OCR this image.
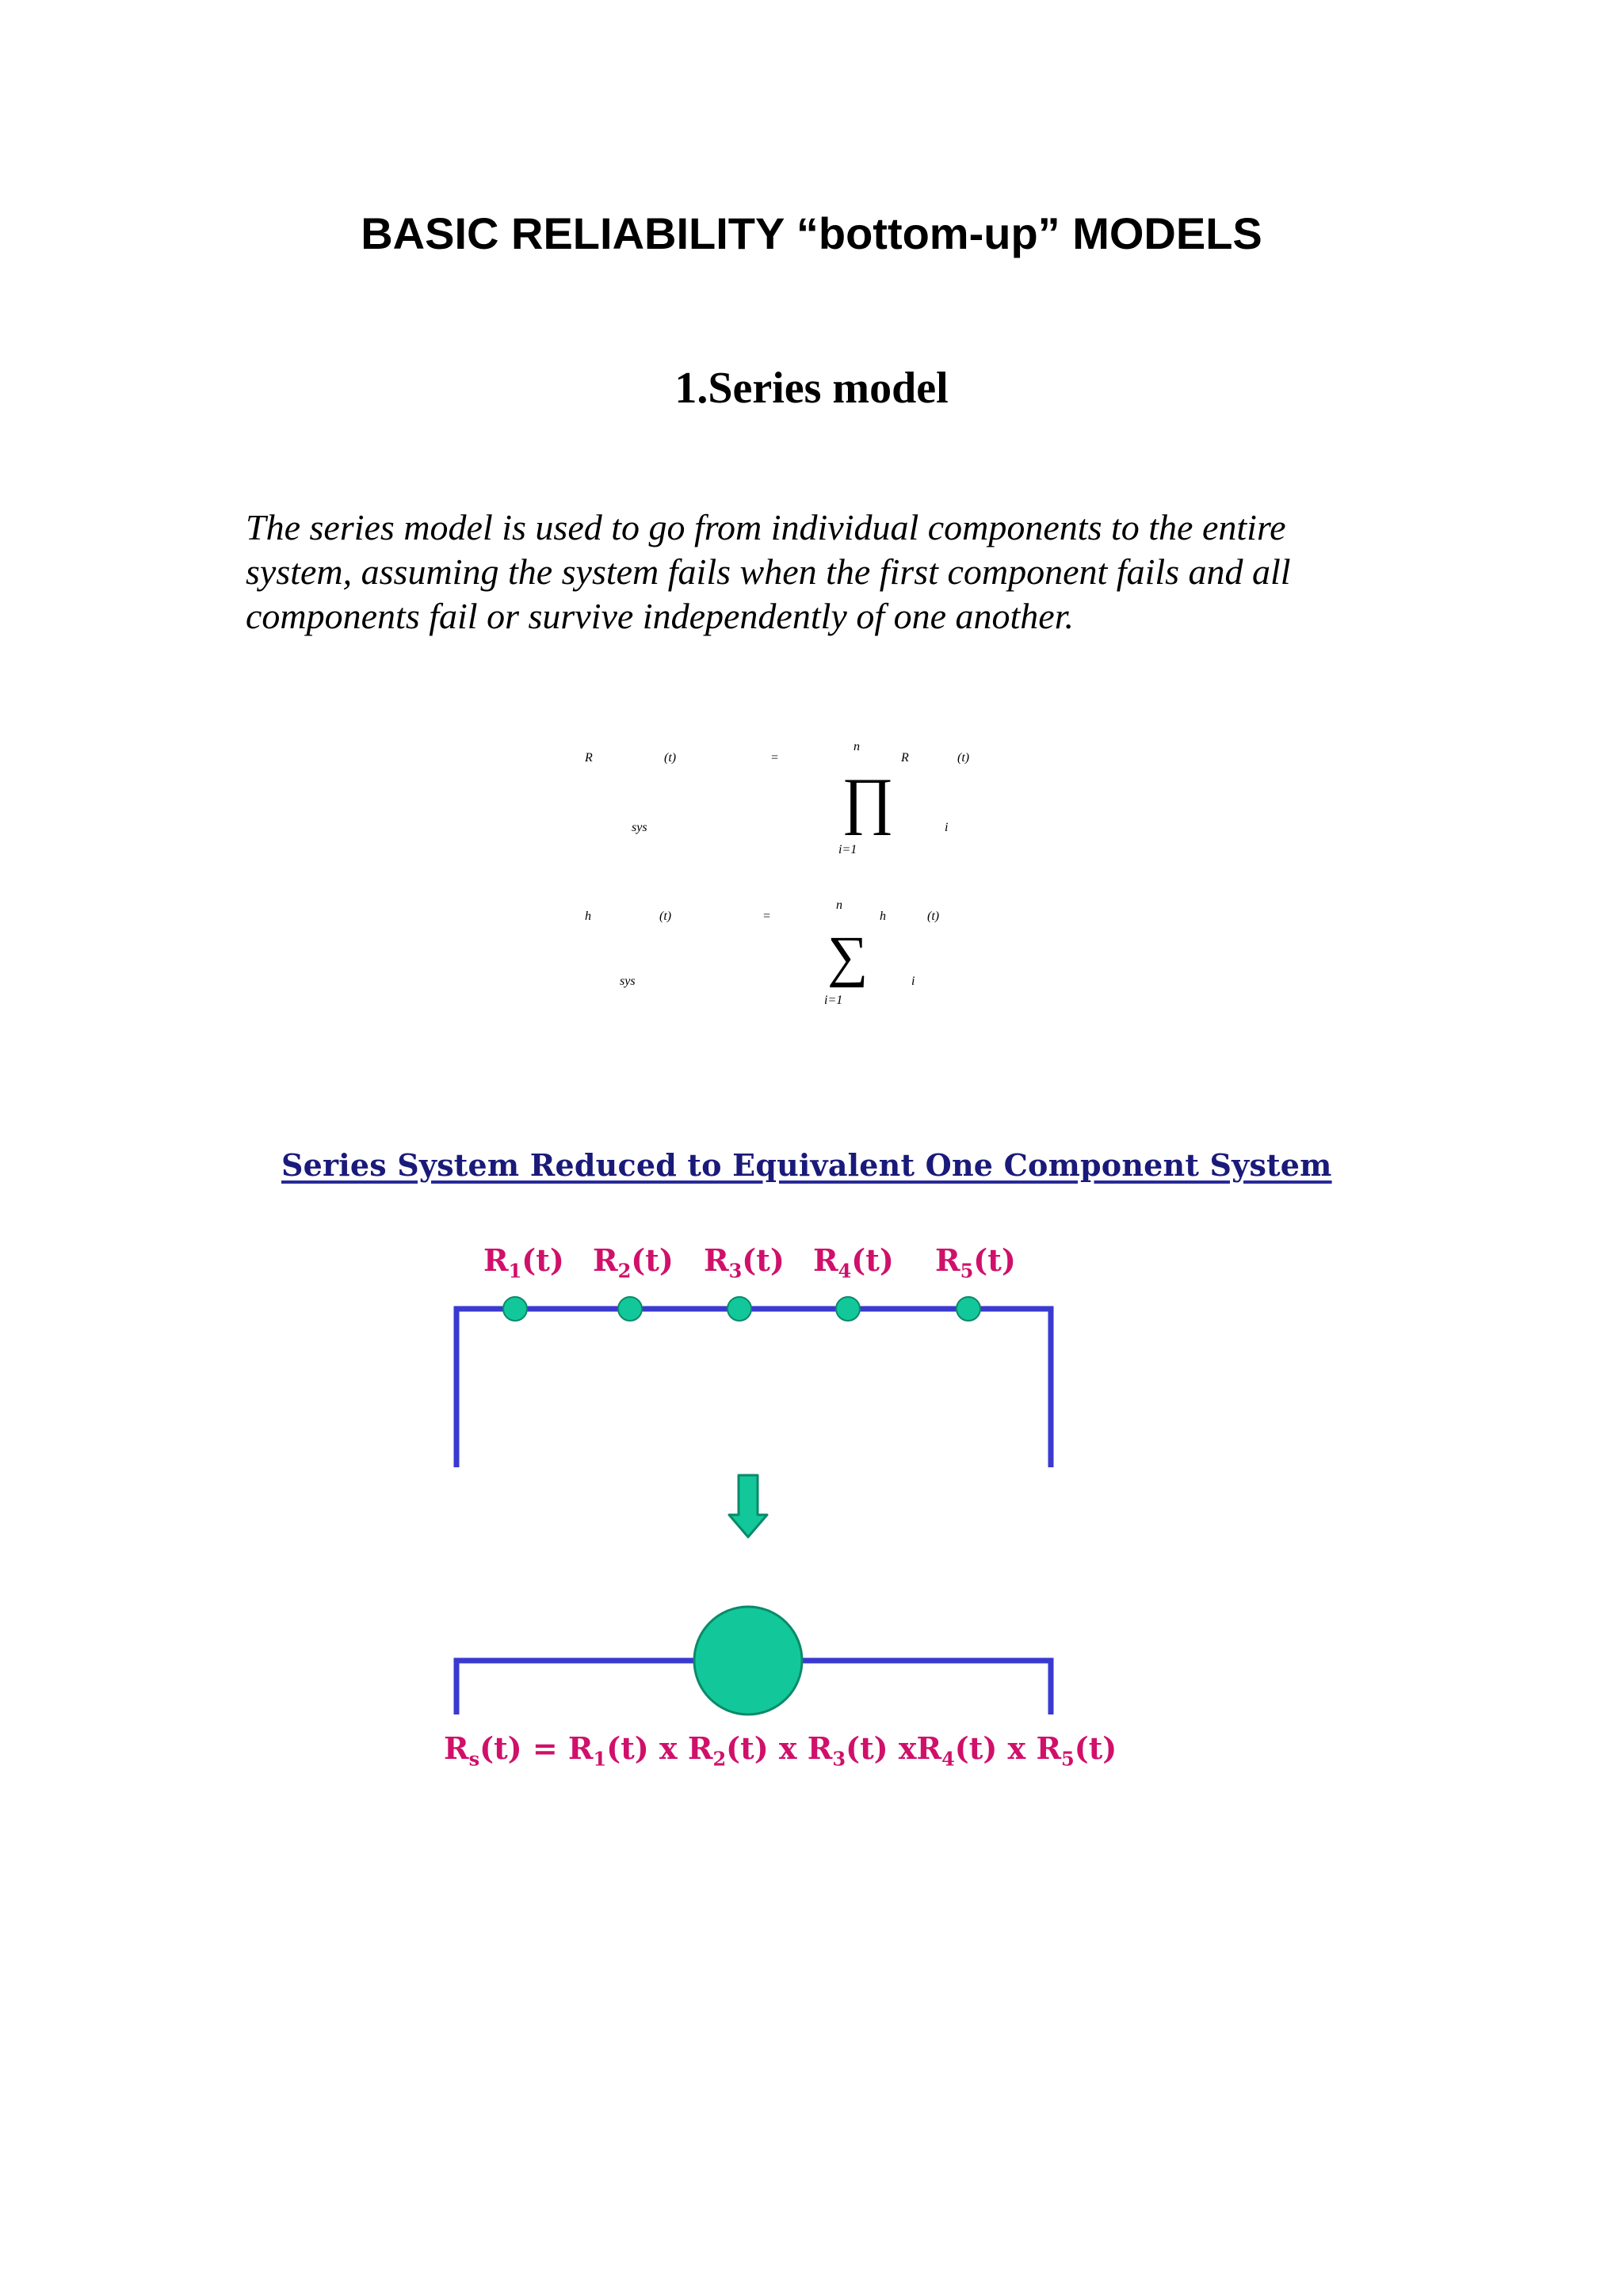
BASIC RELIABILITY “bottom-up” MODELS
1.Series model
The series model is used to go from individual components to the entire system, assuming the system fails when the first component fails and all components fail or survive independently of one another.
R
sys
(t)	=
n
∏
i=1
R
i
(t)
h
sys
(t)	=
n
∑
i=1
h
i
(t)
Series System Reduced to Equivalent One Component System
$R_1(t)$ $R_2(t)$ $R_3(t)$ $R_4(t)$ $R_5(t)$
$R_s(t) = R_1(t)$ x $R_2(t)$ x $R_3(t)$ $xR_4(t)$ x $R_5(t)$
